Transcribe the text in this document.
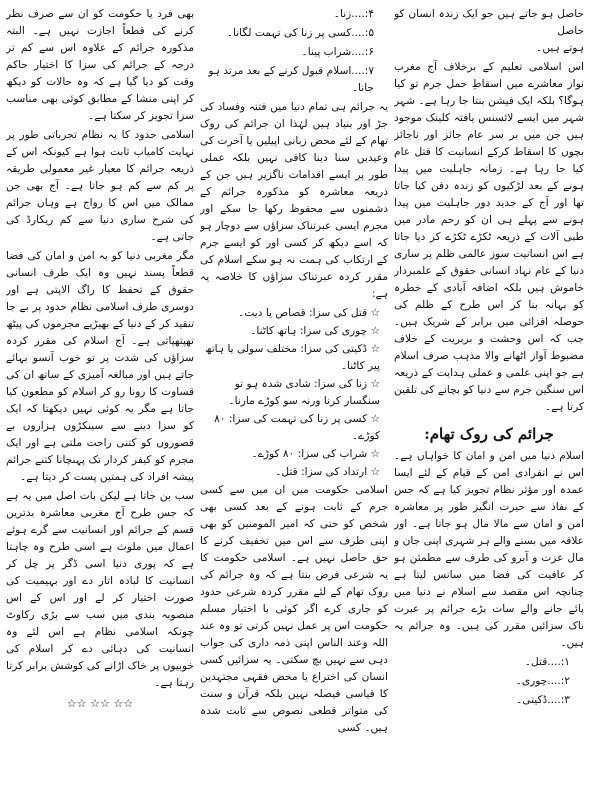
حاصل ہو جاتے ہیں جو ایک زندہ انسان کو حاصل
ہوتے ہیں۔

اس اسلامی تعلیم کے برخلاف آج مغرب نواز معاشرے میں اسقاطِ حمل جرم تو کیا ہوگا؟ بلکہ ایک فیشن بنتا جا رہا ہے۔ شہر شہر میں ایسے لائسنس یافتہ کلینک موجود ہیں جن میں بر سر عام جائز اور ناجائز بچوں کا اسقاط کرکے انسانیت کا قتل عام کیا جا رہا ہے۔ زمانہ جاہلیت میں پیدا ہونے کے بعد لڑکیوں کو زندہ دفن کیا جاتا تھا اور آج کے جدید دور جاہلیت میں پیدا ہونے سے پہلے ہی ان کو رحم مادر میں طبی آلات کے ذریعہ ٹکڑے ٹکڑے کر دیا جاتا ہے اس انسانیت سوز عالمی ظلم پر ساری دنیا کے عام نہاد انسانی حقوق کے علمبردار خاموش ہیں بلکہ اضافہ آبادی کے خطرہ کو بہانہ بنا کر اس طرح کے ظلم کی حوصلہ افزائی میں برابر کے شریک ہیں۔ جب کہ اس وحشت و بربریت کے خلاف مضبوط آواز اٹھانے والا مذہب صرف اسلام ہے جو اپنی علمی و عملی ہدایت کے ذریعہ اس سنگین جرم سے دنیا کو بچانے کی تلقین کرتا ہے۔

جرائم کی روک تھام:

اسلام دنیا میں امن و امان کا خواہاں ہے۔ اس نے انفرادی امن کے قیام کے لئے ایسا عمدہ اور مؤثر نظام تجویز کیا ہے کہ جس کے نفاذ سے حیرت انگیز طور پر معاشرہ امن و امان سے مالا مال ہو جاتا ہے۔ اور علاقہ میں بسنے والے ہر شہری اپنی جان و مال عزت و آبرو کی طرف سے مطمئن ہو کر عافیت کی فضا میں سانس لیتا ہے چنانچہ اس مقصد سے اسلام نے دنیا میں پائے جانے والے سات بڑے جرائم پر عبرت ناک سزائیں مقرر کی ہیں۔ وہ جرائم یہ ہیں۔

۱:....قتل۔
۲:....چوری۔
۳:....ڈکیتی۔
۴:....زنا۔
۵:....کسی پر زنا کی تہمت لگانا۔
۶:....شراب پینا۔
۷:....اسلام قبول کرنے کے بعد مرتد ہو جانا۔

یہ جرائم ہی تمام دنیا میں فتنہ وفساد کی جڑ اور بنیاد ہیں لہٰذا ان جرائم کی روک تھام کے لئے محض زبانی اپیلیں یا آخرت کی وعیدیں سنا دینا کافی نہیں بلکہ عملی طور پر ایسے اقدامات ناگزیر ہیں جن کے ذریعہ معاشرہ کو مذکورہ جرائم کے دشمنوں سے محفوظ رکھا جا سکے اور مجرم ایسی عبرتناک سزاؤں سے دوچار ہو کہ اسے دیکھ کر کسی اور کو ایسے جرم کے ارتکاب کی ہمت نہ ہو سکے اسلام کی مقرر کردہ عبرتناک سزاؤں کا خلاصہ یہ ہے:

☆ قتل کی سزا: قصاص یا دیت۔
☆ چوری کی سزا: ہاتھ کاٹنا۔
☆ ڈکیتی کی سزا: مختلف سولی یا ہاتھ پیر کاٹنا۔
☆ زنا کی سزا: شادی شدہ ہو تو سنگسار کرنا ورنہ سو کوڑے مارنا۔
☆ کسی پر زنا کی تہمت کی سزا: ۸۰ کوڑے۔
☆ شراب کی سزا: ۸۰ کوڑے۔
☆ ارتداد کی سزا: قتل۔

اسلامی حکومت میں ان میں سے کسی جرم کے ثابت ہونے کے بعد کسی بھی شخص کو حتی کہ امیر المومنین کو بھی اپنی طرف سے اس میں تخفیف کرنے کا حق حاصل نہیں ہے۔ اسلامی حکومت کا یہ شرعی فرض بنتا ہے کہ وہ جرائم کی روک تھام کے لئے مقرر کردہ شرعی حدود کو جاری کرے اگر کوئی با اختیار مسلم حکومت اس پر عمل نہیں کرتی تو وہ عند اللہ وعند الناس اپنی ذمہ داری کی جواب دہی سے نہیں بچ سکتی۔ یہ سزائیں کسی انسان کی اختراع یا محض فقہی مجتہدین کا قیاسی فیصلہ نہیں بلکہ قرآن و سنت کی متواتر قطعی نصوص سے ثابت شدہ ہیں۔ کسی

بھی فرد یا حکومت کو ان سے صرف نظر کرنے کی قطعاً اجازت نہیں ہے۔ البتہ مذکورہ جرائم کے علاوہ اس سے کم تر درجہ کے جرائم کی سزا کا اختیار حاکم وقت کو دیا گیا ہے کہ وہ حالات کو دیکھ کر اپنی منشا کے مطابق کوئی بھی مناسب سزا تجویز کر سکتا ہے۔

اسلامی حدود کا یہ نظام تجرباتی طور پر نہایت کامیاب ثابت ہوا ہے کیونکہ اس کے ذریعہ جرائم کا معیار غیر معمولی طریقہ پر کم سے کم ہو جاتا ہے۔ آج بھی جن ممالک میں اس کا رواج ہے وہاں جرائم کی شرح ساری دنیا سے کم ریکارڈ کی جاتی ہے۔

مگر مغربی دنیا کو یہ امن و امان کی فضا قطعاً پسند نہیں وہ ایک طرف انسانی حقوق کے تحفظ کا راگ الاپتی ہے اور دوسری طرف اسلامی نظام حدود پر بے جا تنقید کر کے دنیا کے بھیڑیے مجرموں کی پیٹھ تھپتھپاتی ہے۔ آج اسلام کی مقرر کردہ سزاؤں کی شدت پر تو خوب آنسو بہائے جاتے ہیں اور مبالغہ آمیزی کے ساتھ ان کی قساوت کا رونا رو کر اسلام کو مطعون کیا جاتا ہے مگر یہ کوئی نہیں دیکھتا کہ ایک کو سزا دینے سے سینکڑوں ہزاروں بے قصوروں کو کتنی راحت ملتی ہے اور ایک مجرم کو کیفر کردار تک پہنچانا کتنے جرائم پیشہ افراد کی ہمتیں پست کر دیتا ہے۔

سب بن جاتا ہے لیکن بات اصل میں یہ ہے کہ جس طرح آج مغربی معاشرہ بدترین قسم کے جرائم اور انسانیت سے گرے ہوئے اعمال میں ملوث ہے اسی طرح وہ چاہتا ہے کہ پوری دنیا اسی ڈگر پر چل کر انسانیت کا لبادہ اتار دے اور بہیمیت کی صورت اختیار کر لے اور اس کے اس منصوبہ بندی میں سب سے بڑی رکاوٹ چونکہ اسلامی نظام ہے اس لئے وہ انسانیت کی دہائی دے کر اسلام کی خوبیوں پر خاک اڑانے کی کوشش برابر کرتا رہتا ہے۔

☆☆ ☆☆ ☆☆
